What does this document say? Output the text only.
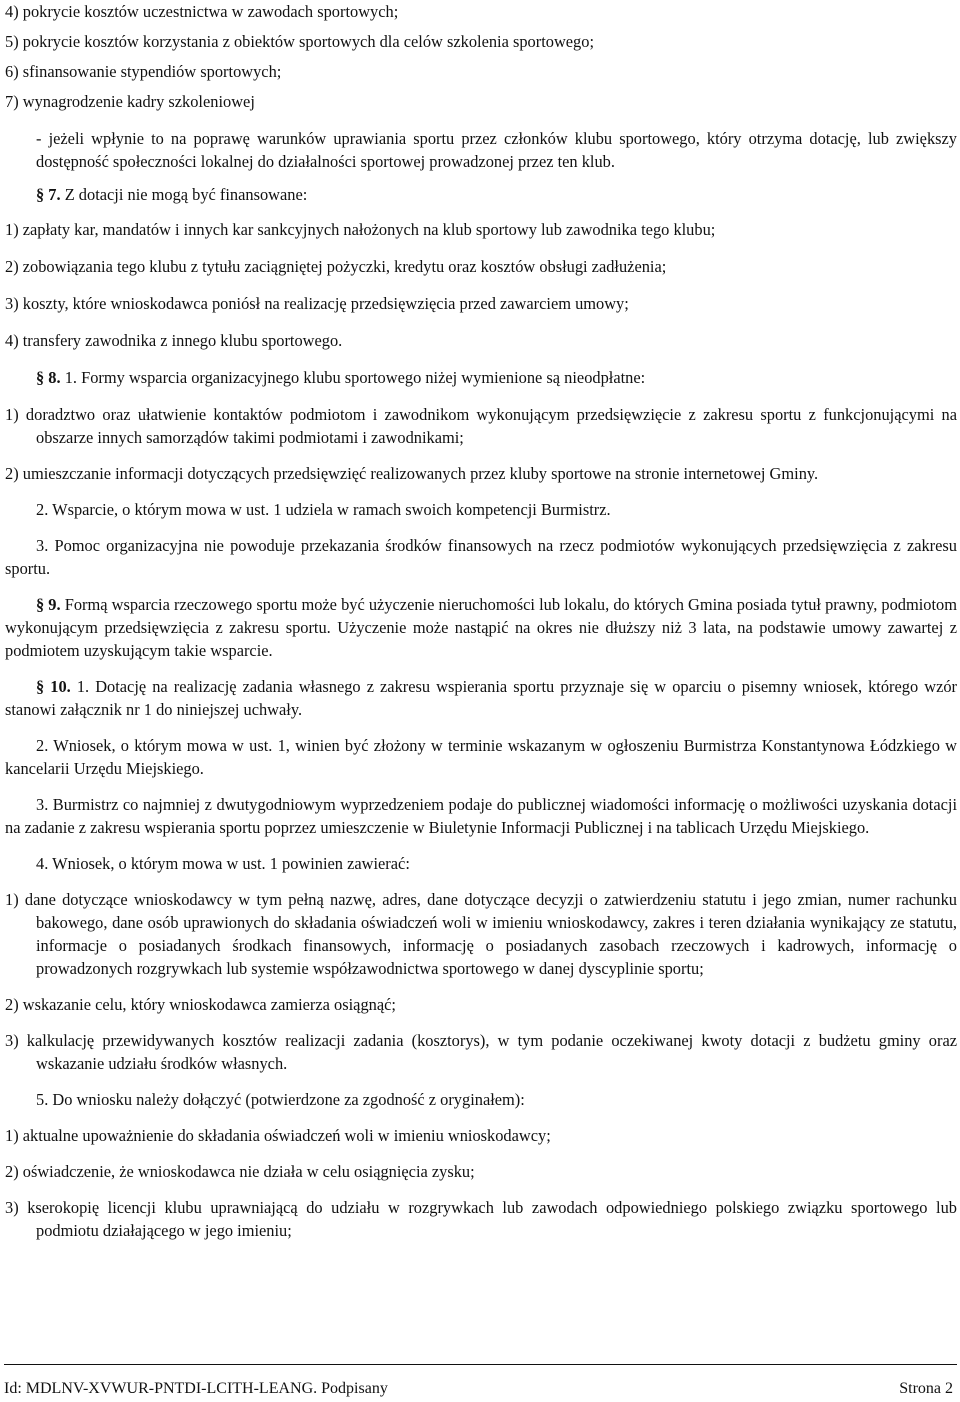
4) pokrycie kosztów uczestnictwa w zawodach sportowych;

5) pokrycie kosztów korzystania z obiektów sportowych dla celów szkolenia sportowego;

6) sfinansowanie stypendiów sportowych;

7) wynagrodzenie kadry szkoleniowej

- jeżeli wpłynie to na poprawę warunków uprawiania sportu przez członków klubu sportowego, który otrzyma dotację, lub zwiększy dostępność społeczności lokalnej do działalności sportowej prowadzonej przez ten klub.

§ 7. Z dotacji nie mogą być finansowane:

1) zapłaty kar, mandatów i innych kar sankcyjnych nałożonych na klub sportowy lub zawodnika tego klubu;

2) zobowiązania tego klubu z tytułu zaciągniętej pożyczki, kredytu oraz kosztów obsługi zadłużenia;

3) koszty, które wnioskodawca poniósł na realizację przedsięwzięcia przed zawarciem umowy;

4) transfery zawodnika z innego klubu sportowego.

§ 8. 1. Formy wsparcia organizacyjnego klubu sportowego niżej wymienione są nieodpłatne:

1) doradztwo oraz ułatwienie kontaktów podmiotom i zawodnikom wykonującym przedsięwzięcie z zakresu sportu z funkcjonującymi na obszarze innych samorządów takimi podmiotami i zawodnikami;

2) umieszczanie informacji dotyczących przedsięwzięć realizowanych przez kluby sportowe na stronie internetowej Gminy.

2. Wsparcie, o którym mowa w ust. 1 udziela w ramach swoich kompetencji Burmistrz.

3. Pomoc organizacyjna nie powoduje przekazania środków finansowych na rzecz podmiotów wykonujących przedsięwzięcia z zakresu sportu.

§ 9. Formą wsparcia rzeczowego sportu może być użyczenie nieruchomości lub lokalu, do których Gmina posiada tytuł prawny, podmiotom wykonującym przedsięwzięcia z zakresu sportu. Użyczenie może nastąpić na okres nie dłuższy niż 3 lata, na podstawie umowy zawartej z podmiotem uzyskującym takie wsparcie.

§ 10. 1. Dotację na realizację zadania własnego z zakresu wspierania sportu przyznaje się w oparciu o pisemny wniosek, którego wzór stanowi załącznik nr 1 do niniejszej uchwały.

2. Wniosek, o którym mowa w ust. 1, winien być złożony w terminie wskazanym w ogłoszeniu Burmistrza Konstantynowa Łódzkiego w kancelarii Urzędu Miejskiego.

3. Burmistrz co najmniej z dwutygodniowym wyprzedzeniem podaje do publicznej wiadomości informację o możliwości uzyskania dotacji na zadanie z zakresu wspierania sportu poprzez umieszczenie w Biuletynie Informacji Publicznej i na tablicach Urzędu Miejskiego.

4. Wniosek, o którym mowa w ust. 1 powinien zawierać:

1) dane dotyczące wnioskodawcy w tym pełną nazwę, adres, dane dotyczące decyzji o zatwierdzeniu statutu i jego zmian, numer rachunku bakowego, dane osób uprawionych do składania oświadczeń woli w imieniu wnioskodawcy, zakres i teren działania wynikający ze statutu, informacje o posiadanych środkach finansowych, informację o posiadanych zasobach rzeczowych i kadrowych, informację o prowadzonych rozgrywkach lub systemie współzawodnictwa sportowego w danej dyscyplinie sportu;

2) wskazanie celu, który wnioskodawca zamierza osiągnąć;

3) kalkulację przewidywanych kosztów realizacji zadania (kosztorys), w tym podanie oczekiwanej kwoty dotacji z budżetu gminy oraz wskazanie udziału środków własnych.

5. Do wniosku należy dołączyć (potwierdzone za zgodność z oryginałem):

1) aktualne upoważnienie do składania oświadczeń woli w imieniu wnioskodawcy;

2) oświadczenie, że wnioskodawca nie działa w celu osiągnięcia zysku;

3) kserokopię licencji klubu uprawniającą do udziału w rozgrywkach lub zawodach odpowiedniego polskiego związku sportowego lub podmiotu działającego w jego imieniu;

Id: MDLNV-XVWUR-PNTDI-LCITH-LEANG. Podpisany	Strona 2
